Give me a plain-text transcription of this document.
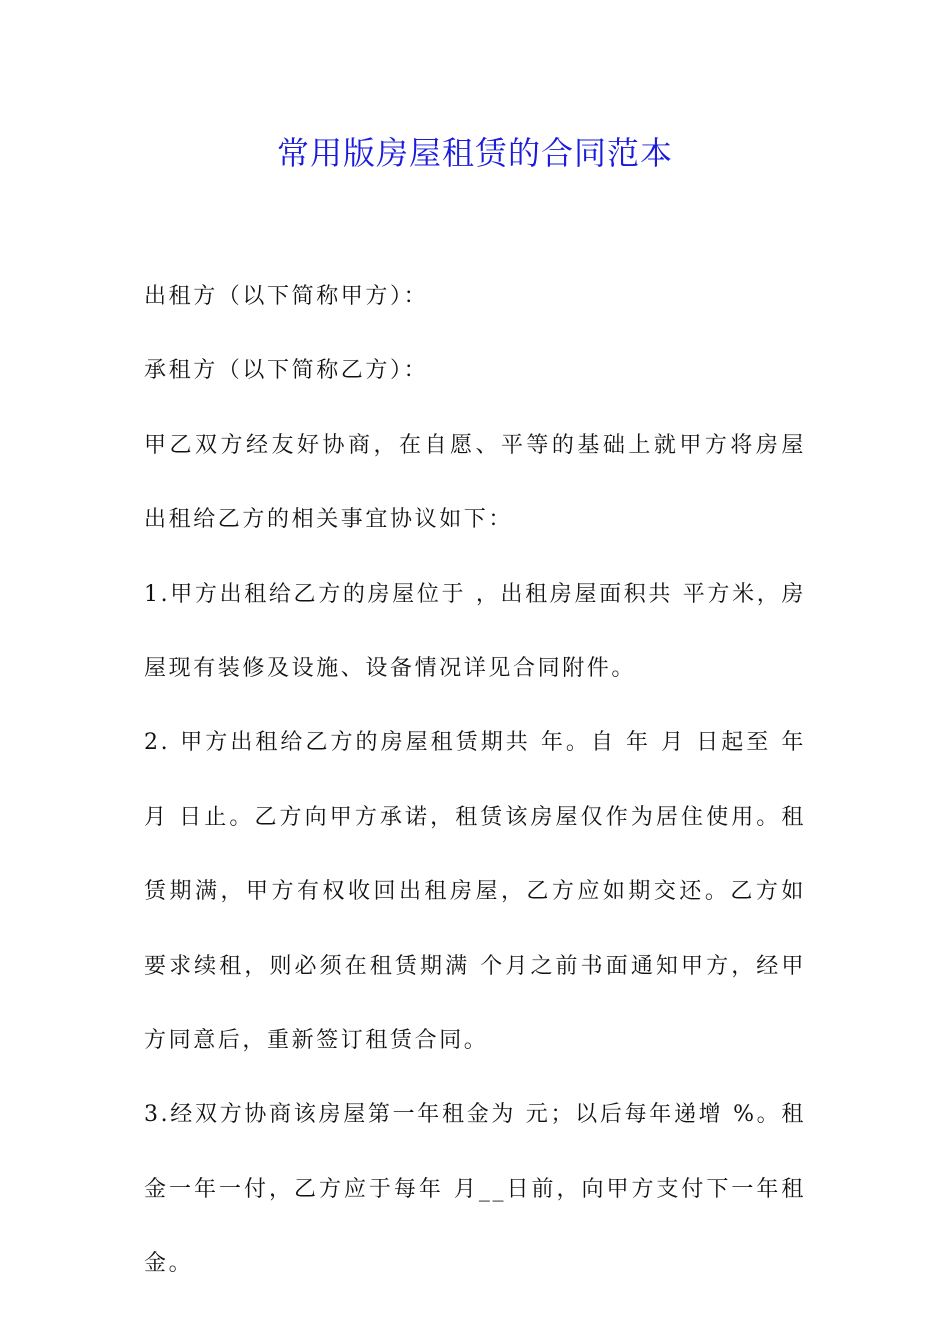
常用版房屋租赁的合同范本

出租方（以下简称甲方）：

承租方（以下简称乙方）：

甲乙双方经友好协商，在自愿、平等的基础上就甲方将房屋出租给乙方的相关事宜协议如下：

1.甲方出租给乙方的房屋位于 ，出租房屋面积共 平方米，房屋现有装修及设施、设备情况详见合同附件。

2. 甲方出租给乙方的房屋租赁期共 年。自 年 月 日起至 年月 日止。乙方向甲方承诺，租赁该房屋仅作为居住使用。租赁期满，甲方有权收回出租房屋，乙方应如期交还。乙方如要求续租，则必须在租赁期满 个月之前书面通知甲方，经甲方同意后，重新签订租赁合同。

3.经双方协商该房屋第一年租金为 元；以后每年递增 %。租金一年一付，乙方应于每年 月__日前，向甲方支付下一年租金。
